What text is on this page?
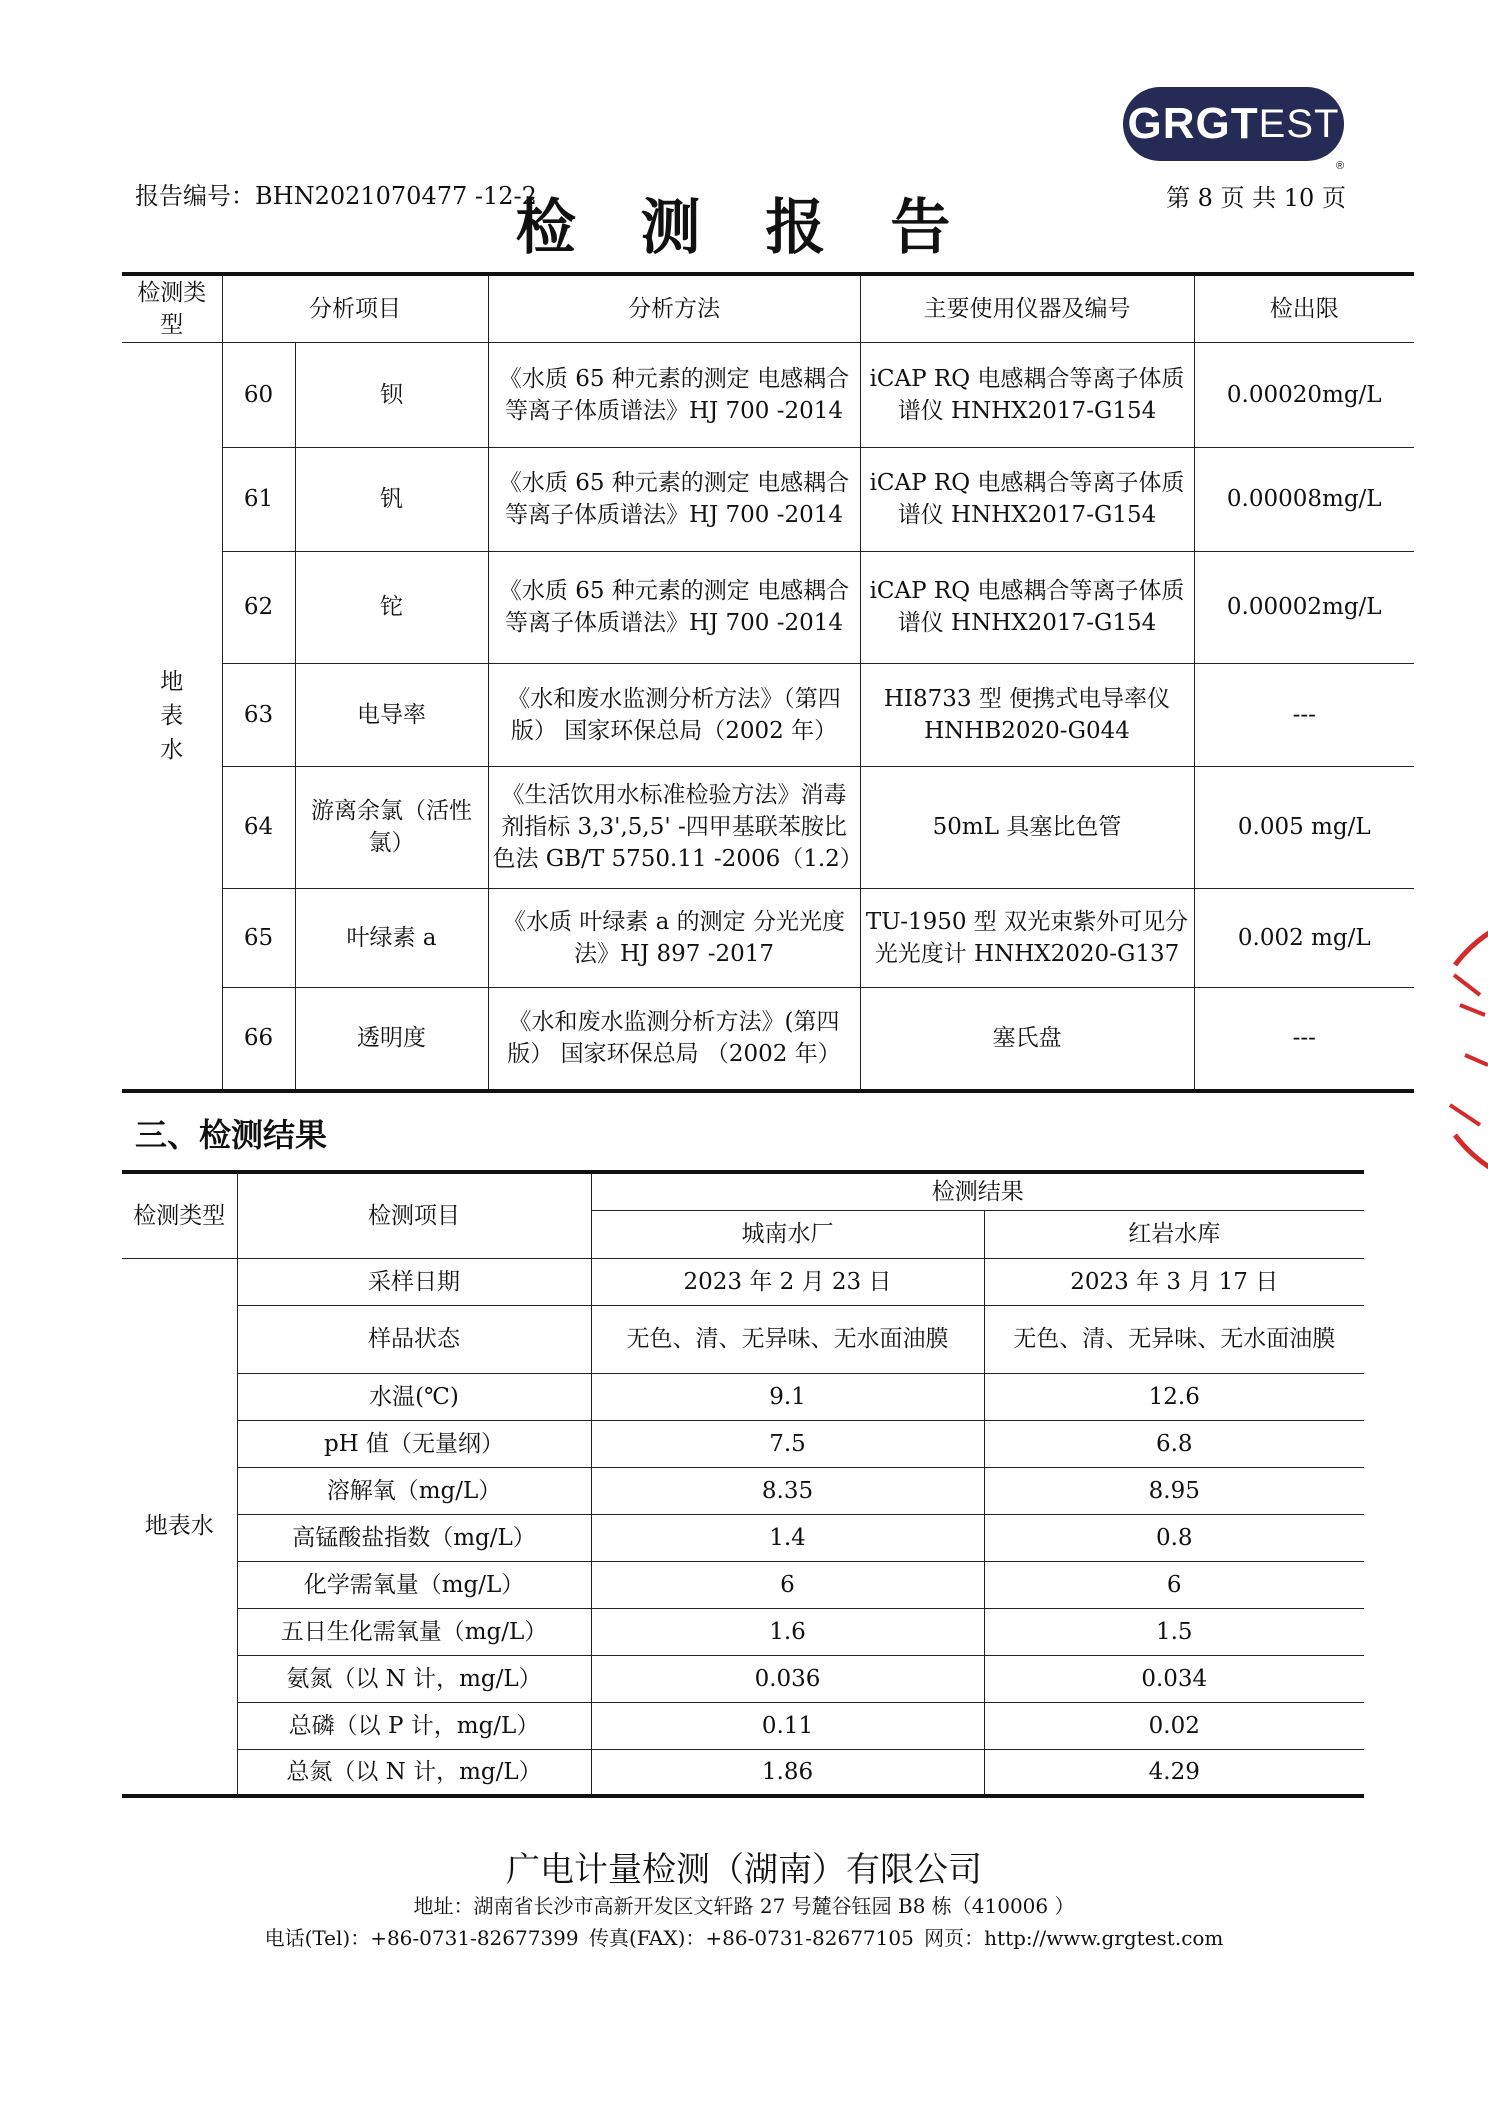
GRGT EST
®
报告编号：BHN2021070477 -12-2
检 测 报 告	第 8 页 共 10 页
检测类型	分析项目		分析方法	主要使用仪器及编号	检出限
地表水	60	钡	《水质 65 种元素的测定 电感耦合等离子体质谱法》HJ 700 -2014	iCAP RQ 电感耦合等离子体质谱仪 HNHX2017-G154	0.00020mg/L
	61	钒	《水质 65 种元素的测定 电感耦合等离子体质谱法》HJ 700 -2014	iCAP RQ 电感耦合等离子体质谱仪 HNHX2017-G154	0.00008mg/L
	62	铊	《水质 65 种元素的测定 电感耦合等离子体质谱法》HJ 700 -2014	iCAP RQ 电感耦合等离子体质谱仪 HNHX2017-G154	0.00002mg/L
	63	电导率	《水和废水监测分析方法》（第四版） 国家环保总局（2002 年）	HI8733 型 便携式电导率仪 HNHB2020-G044	---
	64	游离余氯（活性氯）	《生活饮用水标准检验方法》消毒剂指标 3,3',5,5' -四甲基联苯胺比色法 GB/T 5750.11 -2006（1.2）	50mL 具塞比色管	0.005 mg/L
	65	叶绿素 a	《水质 叶绿素 a 的测定 分光光度法》HJ 897 -2017	TU-1950 型 双光束紫外可见分光光度计 HNHX2020-G137	0.002 mg/L
	66	透明度	《水和废水监测分析方法》(第四版） 国家环保总局 （2002 年）	塞氏盘	---
三、检测结果
检测类型	检测项目	检测结果	
		城南水厂	红岩水库
地表水	采样日期	2023 年 2 月 23 日	2023 年 3 月 17 日
	样品状态	无色、清、无异味、无水面油膜	无色、清、无异味、无水面油膜
	水温(℃)	9.1	12.6
	pH 值（无量纲）	7.5	6.8
	溶解氧（mg/L）	8.35	8.95
	高锰酸盐指数（mg/L）	1.4	0.8
	化学需氧量（mg/L）	6	6
	五日生化需氧量（mg/L）	1.6	1.5
	氨氮（以 N 计，mg/L）	0.036	0.034
	总磷（以 P 计，mg/L）	0.11	0.02
	总氮（以 N 计，mg/L）	1.86	4.29
广电计量检测（湖南）有限公司
地址：湖南省长沙市高新开发区文轩路 27 号麓谷钰园 B8 栋（410006 ）
电话(Tel)：+86-0731-82677399 传真(FAX)：+86-0731-82677105 网页：http://www.grgtest.com
